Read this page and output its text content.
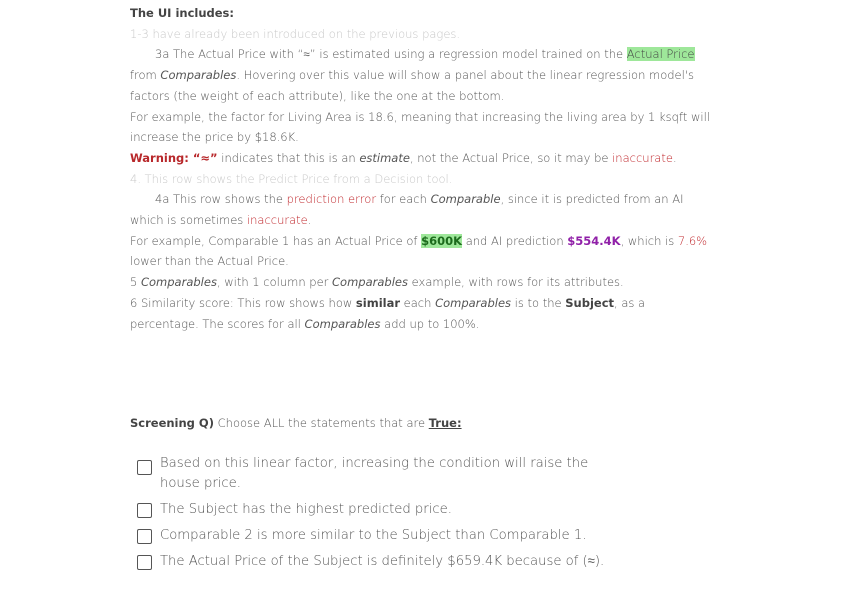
The UI includes:
1-3 have already been introduced on the previous pages.
3a The Actual Price with “≈” is estimated using a regression model trained on the Actual Price
from Comparables. Hovering over this value will show a panel about the linear regression model's
factors (the weight of each attribute), like the one at the bottom.
For example, the factor for Living Area is 18.6, meaning that increasing the living area by 1 ksqft will
increase the price by $18.6K.
Warning: “≈” indicates that this is an estimate, not the Actual Price, so it may be inaccurate.
4. This row shows the Predict Price from a Decision tool.
4a This row shows the prediction error for each Comparable, since it is predicted from an AI
which is sometimes inaccurate.
For example, Comparable 1 has an Actual Price of $600K and AI prediction $554.4K, which is 7.6%
lower than the Actual Price.
5 Comparables, with 1 column per Comparables example, with rows for its attributes.
6 Similarity score: This row shows how similar each Comparables is to the Subject, as a
percentage. The scores for all Comparables add up to 100%.
Screening Q) Choose ALL the statements that are True:
Based on this linear factor, increasing the condition will raise the house price.
The Subject has the highest predicted price.
Comparable 2 is more similar to the Subject than Comparable 1.
The Actual Price of the Subject is definitely $659.4K because of (≈).
